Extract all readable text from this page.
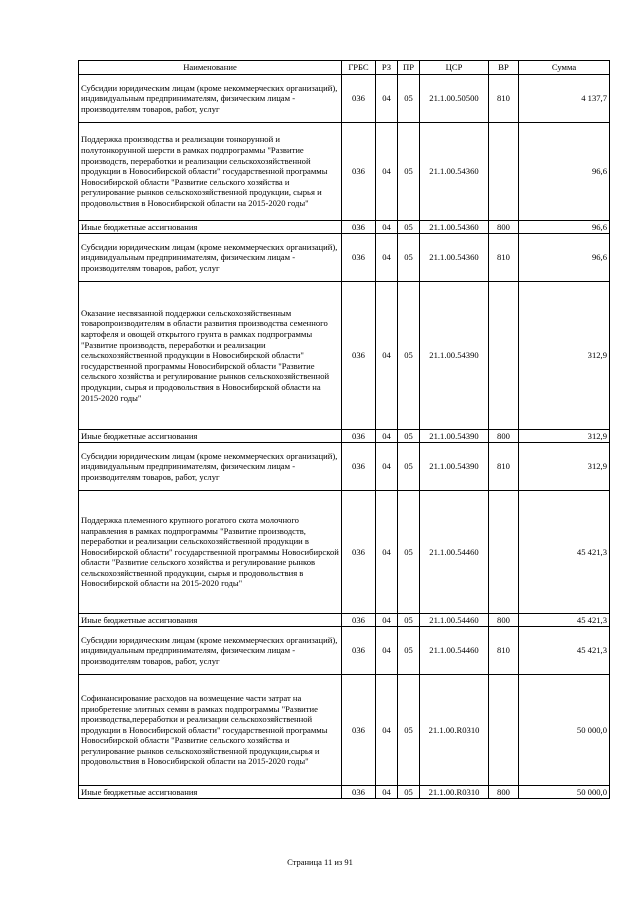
Наименование	ГРБС	РЗ	ПР	ЦСР	ВР	Сумма
Субсидии юридическим лицам (кроме некоммерческих организаций), индивидуальным предпринимателям, физическим лицам - производителям товаров, работ, услуг	036	04	05	21.1.00.50500	810	4 137,7
Поддержка производства и реализации тонкорунной и полутонкорунной шерсти в рамках подпрограммы "Развитие производств, переработки и реализации сельскохозяйственной продукции в Новосибирской области" государственной программы Новосибирской области "Развитие сельского хозяйства и регулирование рынков сельскохозяйственной продукции, сырья и продовольствия в Новосибирской области на 2015-2020 годы"	036	04	05	21.1.00.54360		96,6
Иные бюджетные ассигнования	036	04	05	21.1.00.54360	800	96,6
Субсидии юридическим лицам (кроме некоммерческих организаций), индивидуальным предпринимателям, физическим лицам - производителям товаров, работ, услуг	036	04	05	21.1.00.54360	810	96,6
Оказание несвязанной поддержки сельскохозяйственным товаропроизводителям в области развития производства семенного картофеля и овощей открытого грунта в рамках подпрограммы "Развитие производств, переработки и реализации сельскохозяйственной продукции в Новосибирской области" государственной программы Новосибирской области "Развитие сельского хозяйства и регулирование рынков сельскохозяйственной продукции, сырья и продовольствия в Новосибирской области на 2015-2020 годы"	036	04	05	21.1.00.54390		312,9
Иные бюджетные ассигнования	036	04	05	21.1.00.54390	800	312,9
Субсидии юридическим лицам (кроме некоммерческих организаций), индивидуальным предпринимателям, физическим лицам - производителям товаров, работ, услуг	036	04	05	21.1.00.54390	810	312,9
Поддержка племенного крупного рогатого скота молочного направления в рамках подпрограммы "Развитие производств, переработки и реализации сельскохозяйственной продукции в Новосибирской области" государственной программы Новосибирской области "Развитие сельского хозяйства и регулирование рынков сельскохозяйственной продукции, сырья и продовольствия в Новосибирской области на 2015-2020 годы"	036	04	05	21.1.00.54460		45 421,3
Иные бюджетные ассигнования	036	04	05	21.1.00.54460	800	45 421,3
Субсидии юридическим лицам (кроме некоммерческих организаций), индивидуальным предпринимателям, физическим лицам - производителям товаров, работ, услуг	036	04	05	21.1.00.54460	810	45 421,3
Софинансирование расходов на возмещение части затрат на приобретение элитных семян в рамках подпрограммы "Развитие производства,переработки и реализации сельскохозяйственной продукции в Новосибирской области" государственной программы Новосибирской области "Развитие сельского хозяйства и регулирование рынков сельскохозяйственной продукции,сырья и продовольствия в Новосибирской области на 2015-2020 годы"	036	04	05	21.1.00.R0310		50 000,0
Иные бюджетные ассигнования	036	04	05	21.1.00.R0310	800	50 000,0
Страница 11 из 91
